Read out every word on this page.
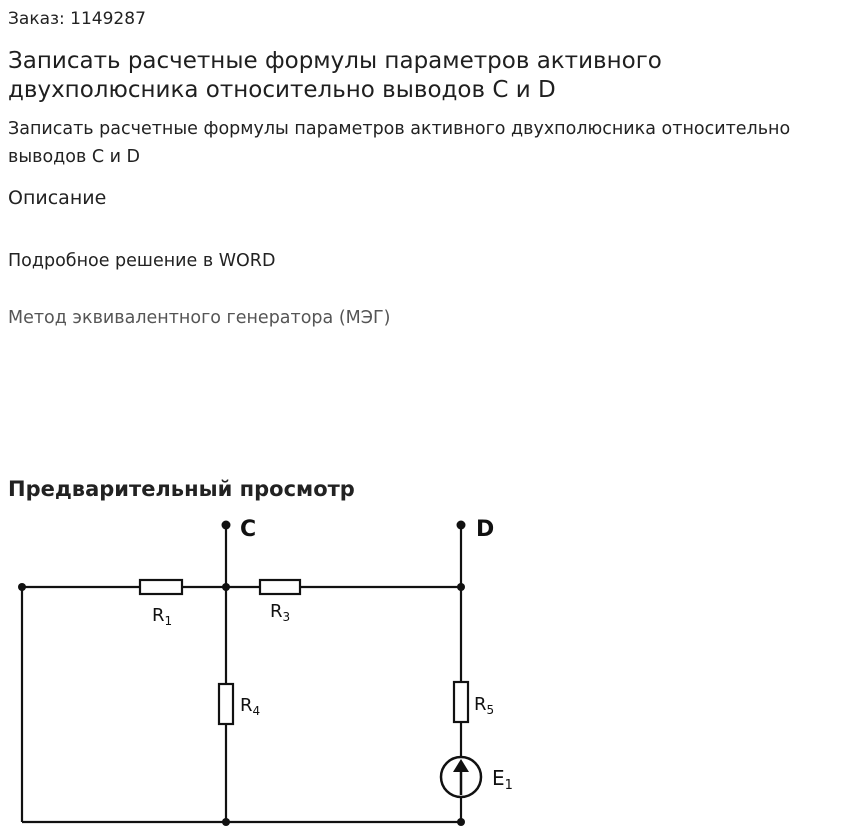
Заказ: 1149287
Записать расчетные формулы параметров активного двухполюсника относительно выводов C и D
Записать расчетные формулы параметров активного двухполюсника относительно выводов C и D
Описание
Подробное решение в WORD
Метод эквивалентного генератора (МЭГ)
Предварительный просмотр
C	D
$R_1$	$R_3$
$R_4$	$R_5$
$E_1$
